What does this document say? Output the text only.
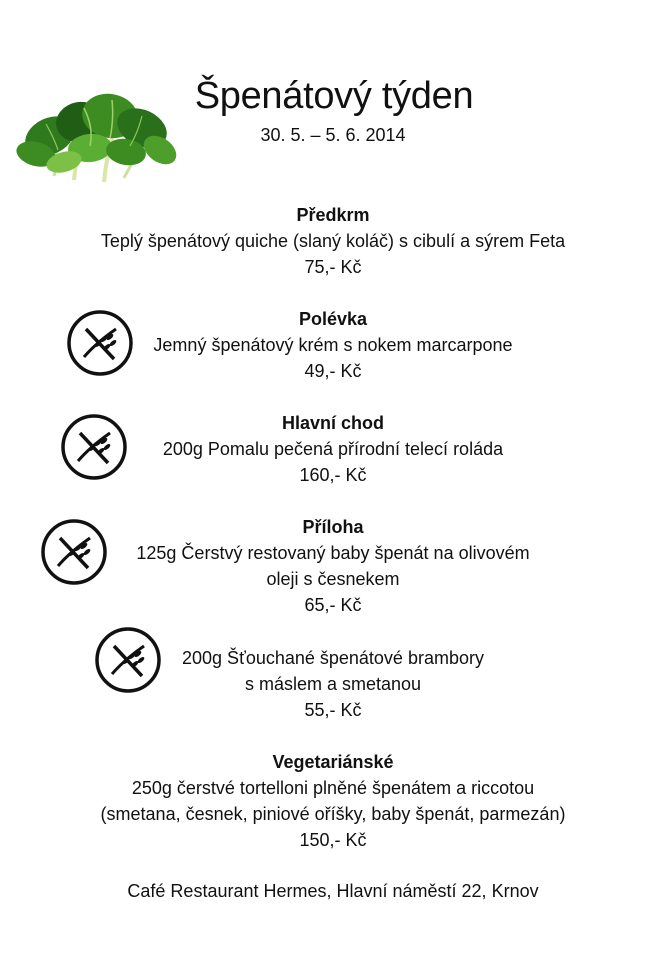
Špenátový týden
30. 5. – 5. 6. 2014
Předkrm
Teplý špenátový quiche (slaný koláč) s cibulí a sýrem Feta
75,- Kč
Polévka
Jemný špenátový krém s nokem marcarpone
49,- Kč
Hlavní chod
200g Pomalu pečená přírodní telecí roláda
160,- Kč
Příloha
125g Čerstvý restovaný baby špenát na olivovém
oleji s česnekem
65,- Kč
200g Šťouchané špenátové brambory
s máslem a smetanou
55,- Kč
Vegetariánské
250g čerstvé tortelloni plněné špenátem a riccotou
(smetana, česnek, piniové oříšky, baby špenát, parmezán)
150,- Kč
Café Restaurant Hermes, Hlavní náměstí 22, Krnov
